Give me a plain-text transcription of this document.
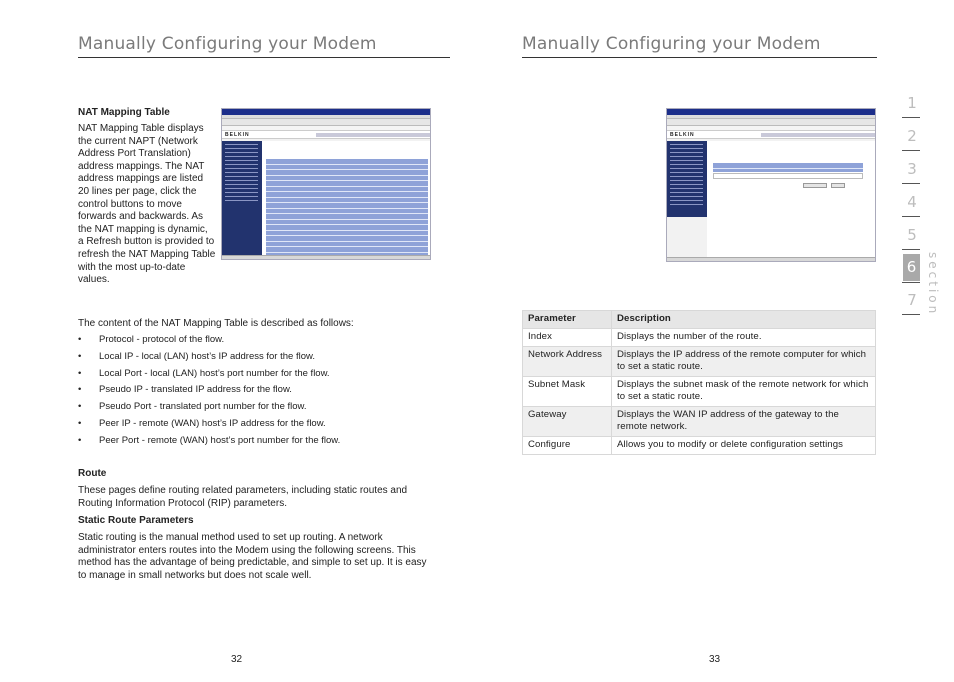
Manually Configuring your Modem
NAT Mapping Table
NAT Mapping Table displays the current NAPT (Network Address Port Translation) address mappings. The NAT address mappings are listed 20 lines per page, click the control buttons to move forwards and backwards. As the NAT mapping is dynamic, a Refresh button is provided to refresh the NAT Mapping Table with the most up-to-date values.
BELKIN
The content of the NAT Mapping Table is described as follows:
• Protocol - protocol of the flow.
• Local IP - local (LAN) host’s IP address for the flow.
• Local Port - local (LAN) host’s port number for the flow.
• Pseudo IP - translated IP address for the flow.
• Pseudo Port - translated port number for the flow.
• Peer IP - remote (WAN) host’s IP address for the flow.
• Peer Port - remote (WAN) host’s port number for the flow.
Route
These pages define routing related parameters, including static routes and Routing Information Protocol (RIP) parameters.
Static Route Parameters
Static routing is the manual method used to set up routing. A network administrator enters routes into the Modem using the following screens. This method has the advantage of being predictable, and simple to set up. It is easy to manage in small networks but does not scale well.
32
Manually Configuring your Modem
BELKIN
Parameter	Description
Index	Displays the number of the route.
Network Address	Displays the IP address of the remote computer for which to set a static route.
Subnet Mask	Displays the subnet mask of the remote network for which to set a static route.
Gateway	Displays the WAN IP address of the gateway to the remote network.
Configure	Allows you to modify or delete configuration settings
33
1
2
3
4
5
6
7 section
